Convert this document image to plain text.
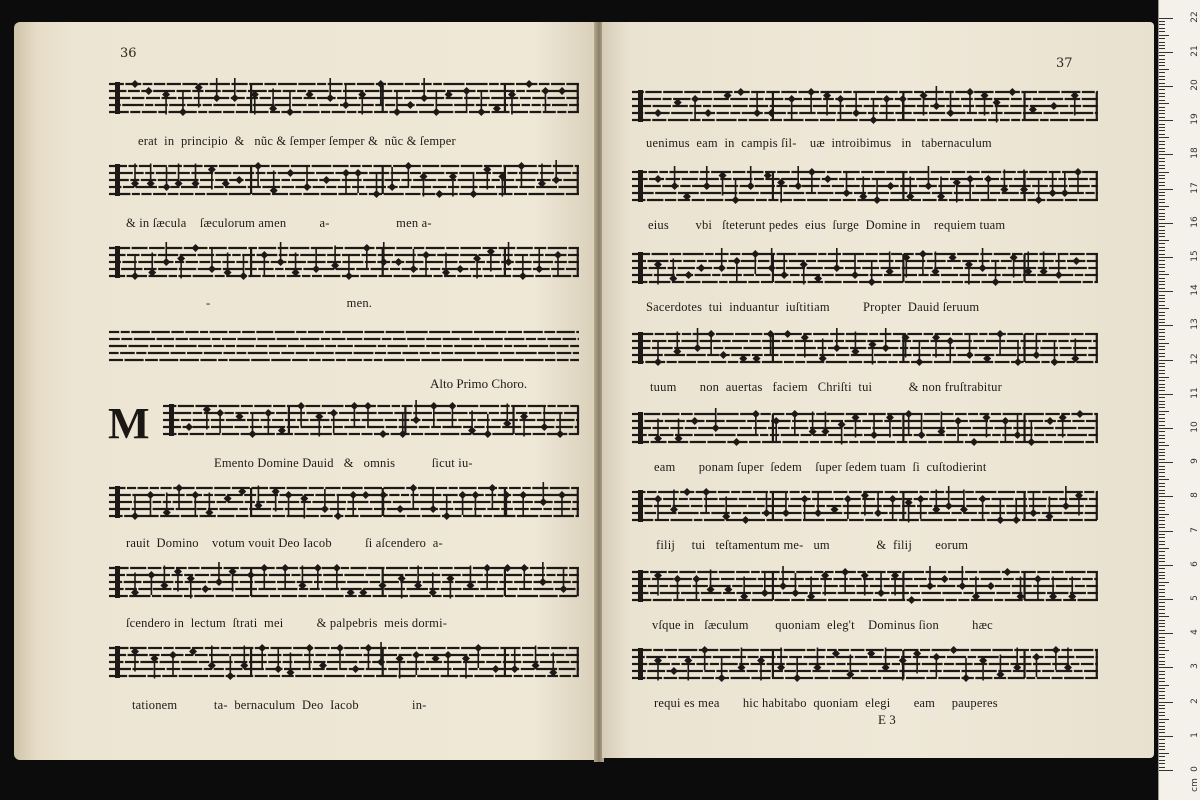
36
erat  in  principio  &   nũc & ſemper ſemper &  nũc & ſemper
& in ſæcula    ſæculorum amen          a-                    men a-
-                                         men.
Alto Primo Choro.
M
Emento Domine Dauid   &   omnis           ſicut iu-
rauit  Domino    votum vouit Deo Iacob          ſi aſcendero  a-
ſcendero in  lectum  ſtrati  mei          & palpebris  meis dormi-
tationem           ta-  bernaculum  Deo  Iacob                in-
37
uenimus  eam  in  campis ſil-    uæ  introibimus   in   tabernaculum
eius        vbi   ſteterunt pedes  eius  ſurge  Domine in    requiem tuam
Sacerdotes  tui  induantur  iuſtitiam          Propter  Dauid ſeruum
tuum       non  auertas   faciem   Chriſti  tui           & non fruſtrabitur
eam       ponam ſuper  ſedem    ſuper ſedem tuam  ſi  cuſtodierint
filij     tui   teſtamentum me-   um              &  filij       eorum
vſque in   ſæculum        quoniam  eleg't    Dominus ſion          hæc
requi es mea       hic habitabo  quoniam  elegi       eam     pauperes
E 3
0
1
2
3
4
5
6
7
8
9
10
11
12
13
14
15
16
17
18
19
20
21
22
cm
